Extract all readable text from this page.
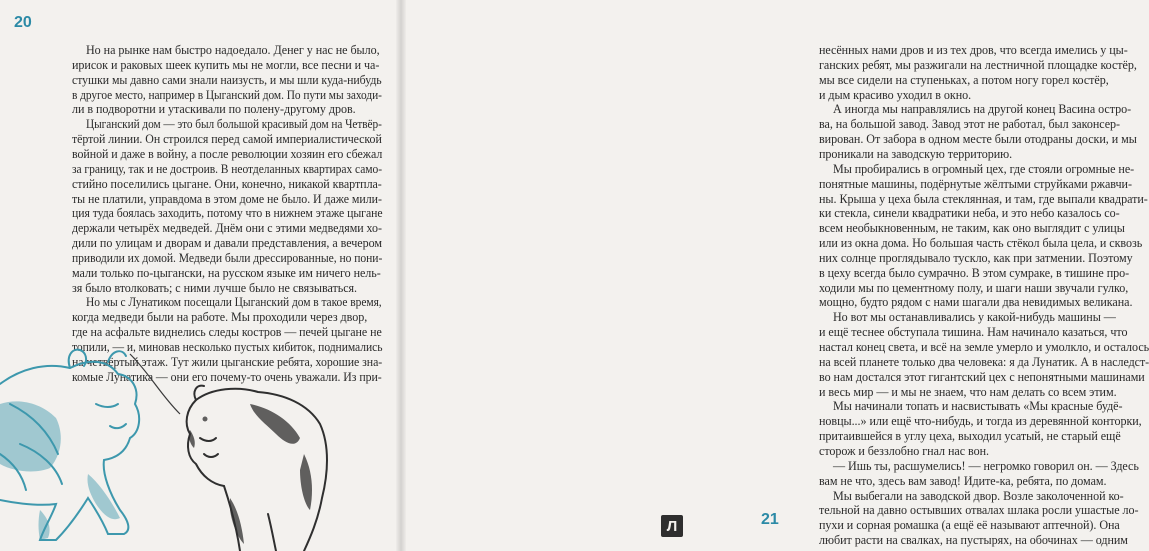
20
Но на рынке нам быстро надоедало. Денег у нас не было,
ирисок и раковых шеек купить мы не могли, все песни и ча-
стушки мы давно сами знали наизусть, и мы шли куда-нибудь
в другое место, например в Цыганский дом. По пути мы заходи-
ли в подворотни и утаскивали по полену-другому дров.
Цыганский дом — это был большой красивый дом на Четвёр-
тёртой линии. Он строился перед самой империалистической
войной и даже в войну, а после революции хозяин его сбежал
за границу, так и не достроив. В неотделанных квартирах само-
стийно поселились цыгане. Они, конечно, никакой квартпла-
ты не платили, управдома в этом доме не было. И даже мили-
ция туда боялась заходить, потому что в нижнем этаже цыгане
держали четырёх медведей. Днём они с этими медведями хо-
дили по улицам и дворам и давали представления, а вечером
приводили их домой. Медведи были дрессированные, но пони-
мали только по-цыгански, на русском языке им ничего нель-
зя было втолковать; с ними лучше было не связываться.
Но мы с Лунатиком посещали Цыганский дом в такое время,
когда медведи были на работе. Мы проходили через двор,
где на асфальте виднелись следы костров — печей цыгане не
топили, — и, миновав несколько пустых кибиток, поднимались
на четвёртый этаж. Тут жили цыганские ребята, хорошие зна-
комые Лунатика — они его почему-то очень уважали. Из при-
21
несённых нами дров и из тех дров, что всегда имелись у цы-
ганских ребят, мы разжигали на лестничной площадке костёр,
мы все сидели на ступеньках, а потом ногу горел костёр,
и дым красиво уходил в окно.
А иногда мы направлялись на другой конец Васина остро-
ва, на большой завод. Завод этот не работал, был законсер-
вирован. От забора в одном месте были отодраны доски, и мы
проникали на заводскую территорию.
Мы пробирались в огромный цех, где стояли огромные не-
понятные машины, подёрнутые жёлтыми струйками ржавчи-
ны. Крыша у цеха была стеклянная, и там, где выпали квадрати-
ки стекла, синели квадратики неба, и это небо казалось со-
всем необыкновенным, не таким, как оно выглядит с улицы
или из окна дома. Но большая часть стёкол была цела, и сквозь
них солнце проглядывало тускло, как при затмении. Поэтому
в цеху всегда было сумрачно. В этом сумраке, в тишине про-
ходили мы по цементному полу, и шаги наши звучали гулко,
мощно, будто рядом с нами шагали два невидимых великана.
Но вот мы останавливались у какой-нибудь машины —
и ещё теснее обступала тишина. Нам начинало казаться, что
настал конец света, и всё на земле умерло и умолкло, и осталось
на всей планете только два человека: я да Лунатик. А в наследст-
во нам достался этот гигантский цех с непонятными машинами
и весь мир — и мы не знаем, что нам делать со всем этим.
Мы начинали топать и насвистывать «Мы красные будё-
новцы...» или ещё что-нибудь, и тогда из деревянной конторки,
притаившейся в углу цеха, выходил усатый, не старый ещё
сторож и беззлобно гнал нас вон.
— Ишь ты, расшумелись! — негромко говорил он. — Здесь
вам не что, здесь вам завод! Идите-ка, ребята, по домам.
Мы выбегали на заводской двор. Возле заколоченной ко-
тельной на давно остывших отвалах шлака росли ушастые ло-
пухи и сорная ромашка (а ещё её называют аптечной). Она
любит расти на свалках, на пустырях, на обочинах — одним
Л
